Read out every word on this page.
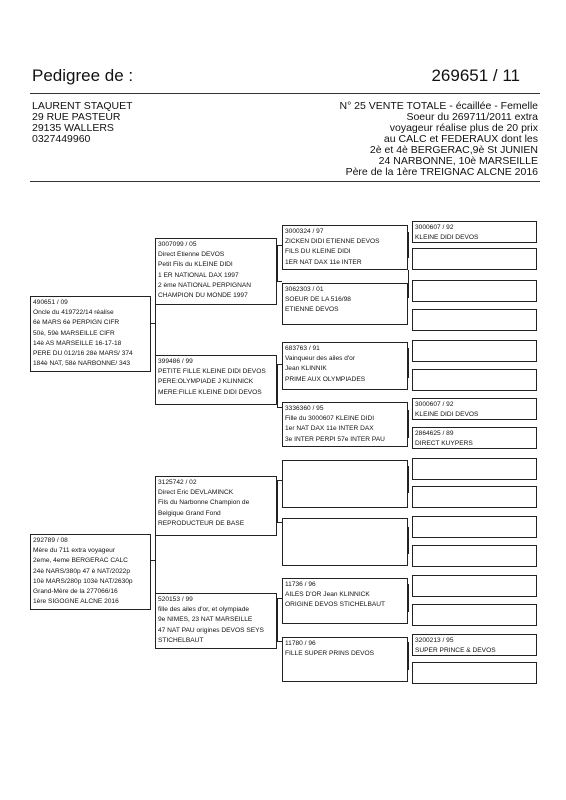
Pedigree de :	269651 / 11
LAURENT STAQUET
29 RUE PASTEUR
29135 WALLERS
0327449960
N° 25 VENTE TOTALE - écaillée - Femelle
Soeur du 269711/2011 extra
voyageur réalise plus de 20 prix
au CALC et FEDERAUX dont les
2è et 4è BERGERAC,9è St JUNIEN
24 NARBONNE, 10è MARSEILLE
Père de la 1ère TREIGNAC ALCNE 2016
490651 / 09
Oncle du 419722/14 réalise
6è MARS 6è PERPIGN CIFR
50è, 59è MARSEILLE CIFR
14è AS MARSEILLE 16-17-18
PERE DU 012/16 28è MARS/ 374
184è NAT, 58è NARBONNE/ 343
292789 / 08
Mère du 711 extra voyageur
2eme, 4eme BERGERAC CALC
24è NARS/380p 47 è NAT/2022p
10è MARS/280p 103è NAT/2630p
Grand-Mère de la 277066/16
1ère SIGOGNE ALCNE 2016
3007099 / 05
Direct Etienne DEVOS
Petit Fils du KLEINE DIDI
1 ER NATIONAL DAX 1997
2 ème NATIONAL PERPIGNAN
CHAMPION DU MONDE 1997
399486 / 99
PETITE FILLE KLEINE DIDI DEVOS
PERE:OLYMPIADE J KLINNICK
MERE:FILLE KLEINE DIDI DEVOS
3125742 / 02
Direct Eric DEVLAMINCK
Fils du Narbonne Champion de
Belgique Grand Fond
REPRODUCTEUR DE BASE
520153 / 99
fille des ailes d'or, et olympiade
9e NIMES, 23 NAT MARSEILLE
47 NAT PAU origines DEVOS SEYS
STICHELBAUT
3000324 / 97
ZICKEN DIDI ETIENNE DEVOS
FILS DU KLEINE DIDI
1ER NAT DAX 11e INTER
3062303 / 01
SOEUR DE LA 516/98
ETIENNE DEVOS
683763 / 91
Vainqueur des ailes d'or
Jean KLINNIK
PRIME AUX OLYMPIADES
3336360 / 95
Fille du 3000607 KLEINE DIDI
1er NAT DAX 11e INTER DAX
3e INTER PERPI 57e INTER PAU
11736 / 96
AILES D'OR Jean KLINNICK
ORIGINE DEVOS STICHELBAUT
11780 / 96
FILLE SUPER PRINS DEVOS
3000607 / 92
KLEINE DIDI DEVOS
3000607 / 92
KLEINE DIDI DEVOS
2864625 / 89
DIRECT KUYPERS
3200213 / 95
SUPER PRINCE & DEVOS
